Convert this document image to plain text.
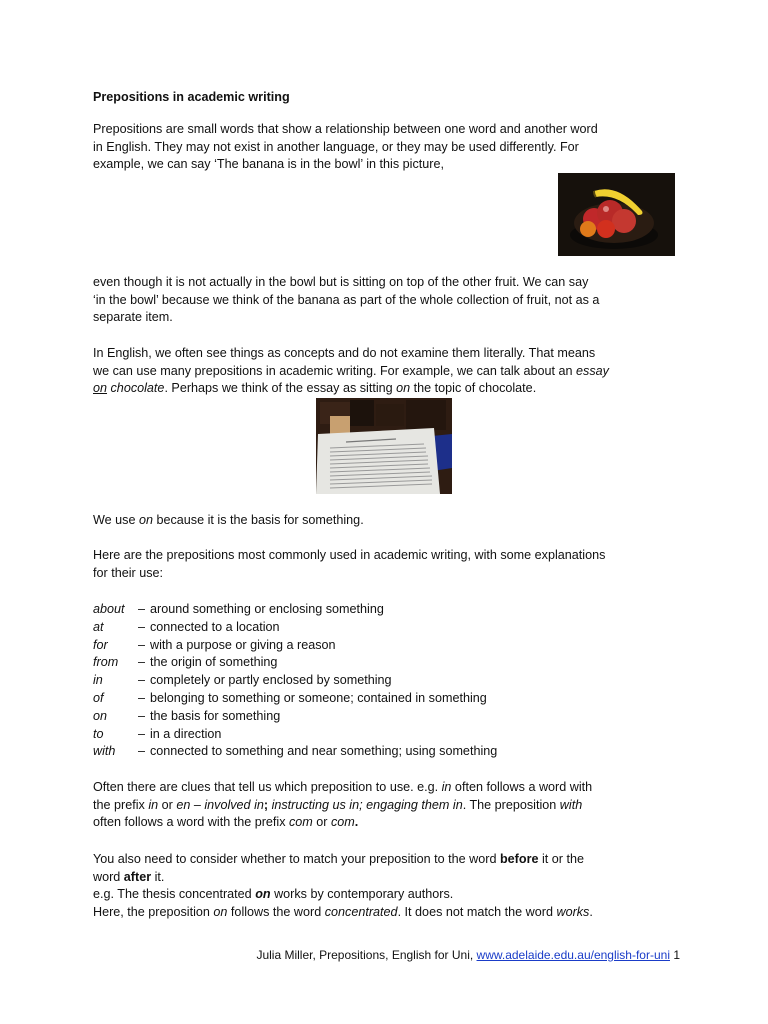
Prepositions in academic writing
Prepositions are small words that show a relationship between one word and another word
in English. They may not exist in another language, or they may be used differently. For
example, we can say ‘The banana is in the bowl’ in this picture,
even though it is not actually in the bowl but is sitting on top of the other fruit. We can say
‘in the bowl’ because we think of the banana as part of the whole collection of fruit, not as a
separate item.
In English, we often see things as concepts and do not examine them literally. That means
we can use many prepositions in academic writing. For example, we can talk about an essay
on chocolate. Perhaps we think of the essay as sitting on the topic of chocolate.
We use on because it is the basis for something.
Here are the prepositions most commonly used in academic writing, with some explanations
for their use:
about	– around something or enclosing something
at	– connected to a location
for	– with a purpose or giving a reason
from	– the origin of something
in	– completely or partly enclosed by something
of	– belonging to something or someone; contained in something
on	– the basis for something
to	– in a direction
with	– connected to something and near something; using something
Often there are clues that tell us which preposition to use. e.g. in often follows a word with
the prefix in or en – involved in; instructing us in; engaging them in. The preposition with
often follows a word with the prefix com or com.
You also need to consider whether to match your preposition to the word before it or the
word after it.
e.g. The thesis concentrated on works by contemporary authors.
Here, the preposition on follows the word concentrated. It does not match the word works.
Julia Miller, Prepositions, English for Uni, www.adelaide.edu.au/english-for-uni 1
